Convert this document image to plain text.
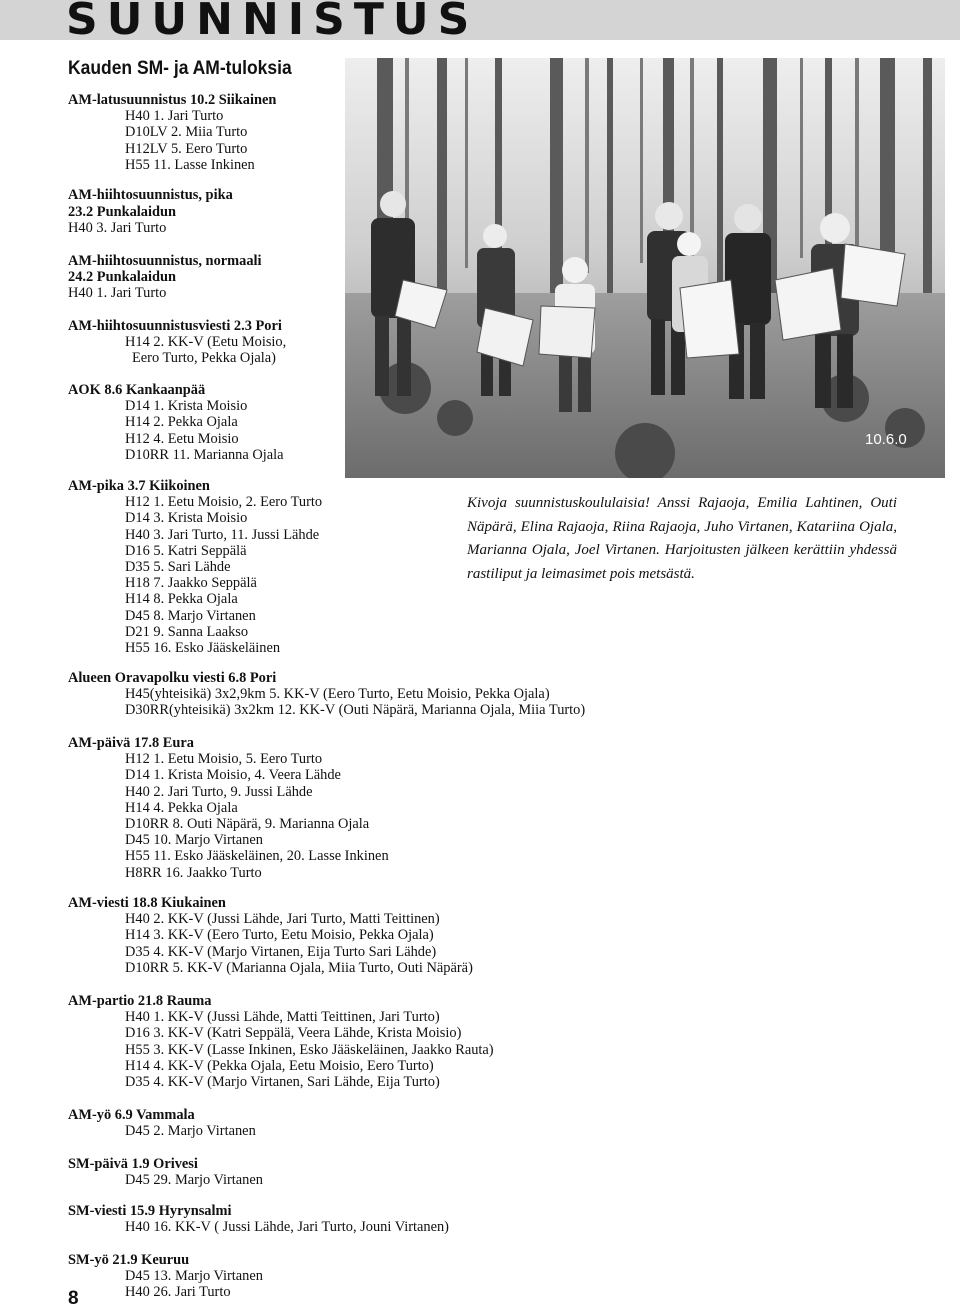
SUUNNISTUS
Kauden SM- ja AM-tuloksia
10.6.0
Kivoja suunnistuskoululaisia! Anssi Rajaoja, Emilia Lahtinen, Outi Näpärä, Elina Rajaoja, Riina Rajaoja, Juho Virtanen, Katariina Ojala, Marianna Ojala, Joel Virtanen. Harjoitusten jälkeen kerättiin yhdessä rastiliput ja leimasimet pois metsästä.
AM-latusuunnistus 10.2 Siikainen
H40 1. Jari Turto
D10LV 2. Miia Turto
H12LV 5. Eero Turto
H55 11. Lasse Inkinen
AM-hiihtosuunnistus, pika
23.2 Punkalaidun
H40 3. Jari Turto
AM-hiihtosuunnistus, normaali
24.2 Punkalaidun
H40 1. Jari Turto
AM-hiihtosuunnistusviesti 2.3 Pori
H14 2. KK-V (Eetu Moisio,
Eero Turto, Pekka Ojala)
AOK 8.6 Kankaanpää
D14 1. Krista Moisio
H14 2. Pekka Ojala
H12 4. Eetu Moisio
D10RR 11. Marianna Ojala
AM-pika 3.7 Kiikoinen
H12 1. Eetu Moisio, 2. Eero Turto
D14 3. Krista Moisio
H40 3. Jari Turto, 11. Jussi Lähde
D16 5. Katri Seppälä
D35 5. Sari Lähde
H18 7. Jaakko Seppälä
H14 8. Pekka Ojala
D45 8. Marjo Virtanen
D21 9. Sanna Laakso
H55 16. Esko Jääskeläinen
Alueen Oravapolku viesti 6.8 Pori
H45(yhteisikä) 3x2,9km 5. KK-V (Eero Turto, Eetu Moisio, Pekka Ojala)
D30RR(yhteisikä) 3x2km 12. KK-V (Outi Näpärä, Marianna Ojala, Miia Turto)
AM-päivä 17.8 Eura
H12 1. Eetu Moisio, 5. Eero Turto
D14 1. Krista Moisio, 4. Veera Lähde
H40 2. Jari Turto, 9. Jussi Lähde
H14 4. Pekka Ojala
D10RR 8. Outi Näpärä, 9. Marianna Ojala
D45 10. Marjo Virtanen
H55 11. Esko Jääskeläinen, 20. Lasse Inkinen
H8RR 16. Jaakko Turto
AM-viesti 18.8 Kiukainen
H40 2. KK-V (Jussi Lähde, Jari Turto, Matti Teittinen)
H14 3. KK-V (Eero Turto, Eetu Moisio, Pekka Ojala)
D35 4. KK-V (Marjo Virtanen, Eija Turto Sari Lähde)
D10RR 5. KK-V (Marianna Ojala, Miia Turto, Outi Näpärä)
AM-partio 21.8 Rauma
H40 1. KK-V (Jussi Lähde, Matti Teittinen, Jari Turto)
D16 3. KK-V (Katri Seppälä, Veera Lähde, Krista Moisio)
H55 3. KK-V (Lasse Inkinen, Esko Jääskeläinen, Jaakko Rauta)
H14 4. KK-V (Pekka Ojala, Eetu Moisio, Eero Turto)
D35 4. KK-V (Marjo Virtanen, Sari Lähde, Eija Turto)
AM-yö 6.9 Vammala
D45 2. Marjo Virtanen
SM-päivä 1.9 Orivesi
D45 29. Marjo Virtanen
SM-viesti 15.9 Hyrynsalmi
H40 16. KK-V ( Jussi Lähde, Jari Turto, Jouni Virtanen)
SM-yö 21.9 Keuruu
D45 13. Marjo Virtanen
H40 26. Jari Turto
8
